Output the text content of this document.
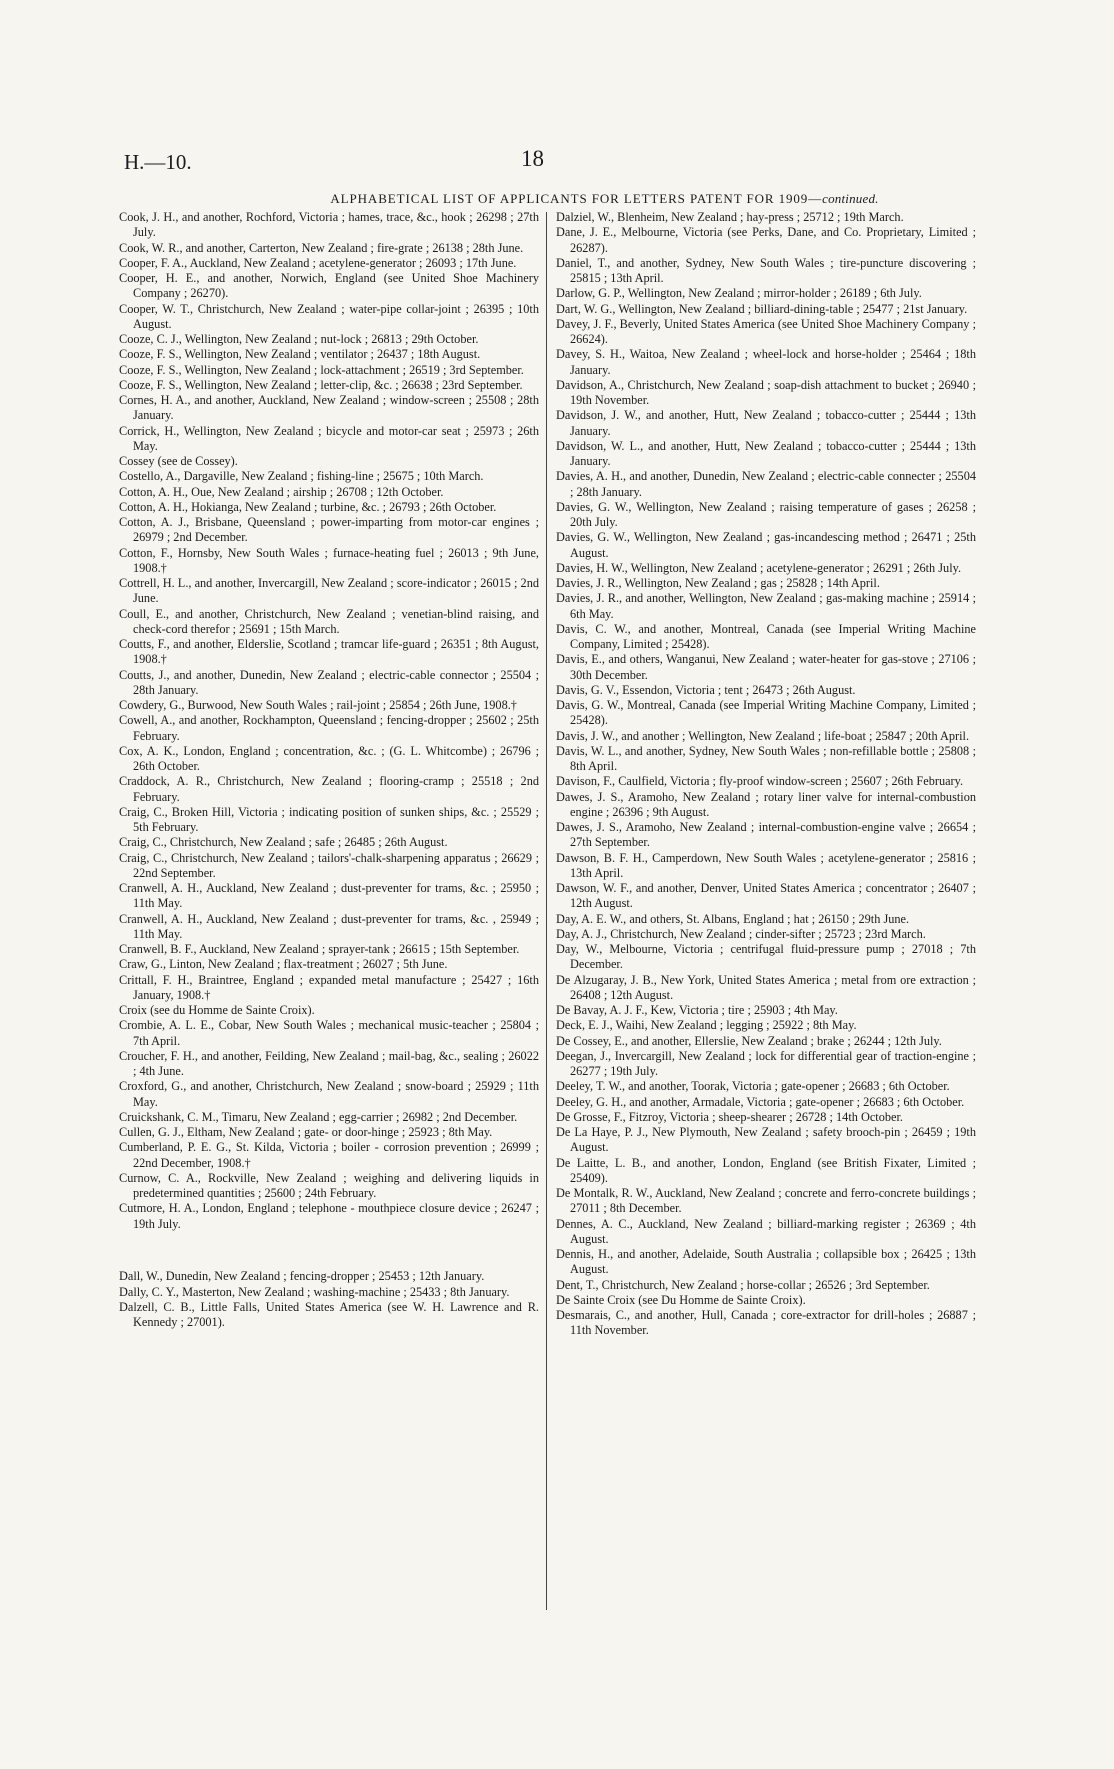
H.—10.	18
ALPHABETICAL LIST OF APPLICANTS FOR LETTERS PATENT FOR 1909—continued.

Cook, J. H., and another, Rochford, Victoria ; hames, trace, &c., hook ; 26298 ; 27th July.

Cook, W. R., and another, Carterton, New Zealand ; fire-grate ; 26138 ; 28th June.

Cooper, F. A., Auckland, New Zealand ; acetylene-generator ; 26093 ; 17th June.

Cooper, H. E., and another, Norwich, England (see United Shoe Machinery Company ; 26270).

Cooper, W. T., Christchurch, New Zealand ; water-pipe collar-joint ; 26395 ; 10th August.

Cooze, C. J., Wellington, New Zealand ; nut-lock ; 26813 ; 29th October.

Cooze, F. S., Wellington, New Zealand ; ventilator ; 26437 ; 18th August.

Cooze, F. S., Wellington, New Zealand ; lock-attachment ; 26519 ; 3rd September.

Cooze, F. S., Wellington, New Zealand ; letter-clip, &c. ; 26638 ; 23rd September.

Cornes, H. A., and another, Auckland, New Zealand ; window-screen ; 25508 ; 28th January.

Corrick, H., Wellington, New Zealand ; bicycle and motor-car seat ; 25973 ; 26th May.

Cossey (see de Cossey).

Costello, A., Dargaville, New Zealand ; fishing-line ; 25675 ; 10th March.

Cotton, A. H., Oue, New Zealand ; airship ; 26708 ; 12th October.

Cotton, A. H., Hokianga, New Zealand ; turbine, &c. ; 26793 ; 26th October.

Cotton, A. J., Brisbane, Queensland ; power-imparting from motor-car engines ; 26979 ; 2nd December.

Cotton, F., Hornsby, New South Wales ; furnace-heating fuel ; 26013 ; 9th June, 1908.†

Cottrell, H. L., and another, Invercargill, New Zealand ; score-indicator ; 26015 ; 2nd June.

Coull, E., and another, Christchurch, New Zealand ; venetian-blind raising, and check-cord therefor ; 25691 ; 15th March.

Coutts, F., and another, Elderslie, Scotland ; tramcar life-guard ; 26351 ; 8th August, 1908.†

Coutts, J., and another, Dunedin, New Zealand ; electric-cable connector ; 25504 ; 28th January.

Cowdery, G., Burwood, New South Wales ; rail-joint ; 25854 ; 26th June, 1908.†

Cowell, A., and another, Rockhampton, Queensland ; fencing-dropper ; 25602 ; 25th February.

Cox, A. K., London, England ; concentration, &c. ; (G. L. Whitcombe) ; 26796 ; 26th October.

Craddock, A. R., Christchurch, New Zealand ; flooring-cramp ; 25518 ; 2nd February.

Craig, C., Broken Hill, Victoria ; indicating position of sunken ships, &c. ; 25529 ; 5th February.

Craig, C., Christchurch, New Zealand ; safe ; 26485 ; 26th August.

Craig, C., Christchurch, New Zealand ; tailors'-chalk-sharpening apparatus ; 26629 ; 22nd September.

Cranwell, A. H., Auckland, New Zealand ; dust-preventer for trams, &c. ; 25950 ; 11th May.

Cranwell, A. H., Auckland, New Zealand ; dust-preventer for trams, &c. , 25949 ; 11th May.

Cranwell, B. F., Auckland, New Zealand ; sprayer-tank ; 26615 ; 15th September.

Craw, G., Linton, New Zealand ; flax-treatment ; 26027 ; 5th June.

Crittall, F. H., Braintree, England ; expanded metal manufacture ; 25427 ; 16th January, 1908.†

Croix (see du Homme de Sainte Croix).

Crombie, A. L. E., Cobar, New South Wales ; mechanical music-teacher ; 25804 ; 7th April.

Croucher, F. H., and another, Feilding, New Zealand ; mail-bag, &c., sealing ; 26022 ; 4th June.

Croxford, G., and another, Christchurch, New Zealand ; snow-board ; 25929 ; 11th May.

Cruickshank, C. M., Timaru, New Zealand ; egg-carrier ; 26982 ; 2nd December.

Cullen, G. J., Eltham, New Zealand ; gate- or door-hinge ; 25923 ; 8th May.

Cumberland, P. E. G., St. Kilda, Victoria ; boiler - corrosion prevention ; 26999 ; 22nd December, 1908.†

Curnow, C. A., Rockville, New Zealand ; weighing and delivering liquids in predetermined quantities ; 25600 ; 24th February.

Cutmore, H. A., London, England ; telephone - mouthpiece closure device ; 26247 ; 19th July.

Dall, W., Dunedin, New Zealand ; fencing-dropper ; 25453 ; 12th January.

Dally, C. Y., Masterton, New Zealand ; washing-machine ; 25433 ; 8th January.

Dalzell, C. B., Little Falls, United States America (see W. H. Lawrence and R. Kennedy ; 27001).

Dalziel, W., Blenheim, New Zealand ; hay-press ; 25712 ; 19th March.

Dane, J. E., Melbourne, Victoria (see Perks, Dane, and Co. Proprietary, Limited ; 26287).

Daniel, T., and another, Sydney, New South Wales ; tire-puncture discovering ; 25815 ; 13th April.

Darlow, G. P., Wellington, New Zealand ; mirror-holder ; 26189 ; 6th July.

Dart, W. G., Wellington, New Zealand ; billiard-dining-table ; 25477 ; 21st January.

Davey, J. F., Beverly, United States America (see United Shoe Machinery Company ; 26624).

Davey, S. H., Waitoa, New Zealand ; wheel-lock and horse-holder ; 25464 ; 18th January.

Davidson, A., Christchurch, New Zealand ; soap-dish attachment to bucket ; 26940 ; 19th November.

Davidson, J. W., and another, Hutt, New Zealand ; tobacco-cutter ; 25444 ; 13th January.

Davidson, W. L., and another, Hutt, New Zealand ; tobacco-cutter ; 25444 ; 13th January.

Davies, A. H., and another, Dunedin, New Zealand ; electric-cable connecter ; 25504 ; 28th January.

Davies, G. W., Wellington, New Zealand ; raising temperature of gases ; 26258 ; 20th July.

Davies, G. W., Wellington, New Zealand ; gas-incandescing method ; 26471 ; 25th August.

Davies, H. W., Wellington, New Zealand ; acetylene-generator ; 26291 ; 26th July.

Davies, J. R., Wellington, New Zealand ; gas ; 25828 ; 14th April.

Davies, J. R., and another, Wellington, New Zealand ; gas-making machine ; 25914 ; 6th May.

Davis, C. W., and another, Montreal, Canada (see Imperial Writing Machine Company, Limited ; 25428).

Davis, E., and others, Wanganui, New Zealand ; water-heater for gas-stove ; 27106 ; 30th December.

Davis, G. V., Essendon, Victoria ; tent ; 26473 ; 26th August.

Davis, G. W., Montreal, Canada (see Imperial Writing Machine Company, Limited ; 25428).

Davis, J. W., and another ; Wellington, New Zealand ; life-boat ; 25847 ; 20th April.

Davis, W. L., and another, Sydney, New South Wales ; non-refillable bottle ; 25808 ; 8th April.

Davison, F., Caulfield, Victoria ; fly-proof window-screen ; 25607 ; 26th February.

Dawes, J. S., Aramoho, New Zealand ; rotary liner valve for internal-combustion engine ; 26396 ; 9th August.

Dawes, J. S., Aramoho, New Zealand ; internal-combustion-engine valve ; 26654 ; 27th September.

Dawson, B. F. H., Camperdown, New South Wales ; acetylene-generator ; 25816 ; 13th April.

Dawson, W. F., and another, Denver, United States America ; concentrator ; 26407 ; 12th August.

Day, A. E. W., and others, St. Albans, England ; hat ; 26150 ; 29th June.

Day, A. J., Christchurch, New Zealand ; cinder-sifter ; 25723 ; 23rd March.

Day, W., Melbourne, Victoria ; centrifugal fluid-pressure pump ; 27018 ; 7th December.

De Alzugaray, J. B., New York, United States America ; metal from ore extraction ; 26408 ; 12th August.

De Bavay, A. J. F., Kew, Victoria ; tire ; 25903 ; 4th May.

Deck, E. J., Waihi, New Zealand ; legging ; 25922 ; 8th May.

De Cossey, E., and another, Ellerslie, New Zealand ; brake ; 26244 ; 12th July.

Deegan, J., Invercargill, New Zealand ; lock for differential gear of traction-engine ; 26277 ; 19th July.

Deeley, T. W., and another, Toorak, Victoria ; gate-opener ; 26683 ; 6th October.

Deeley, G. H., and another, Armadale, Victoria ; gate-opener ; 26683 ; 6th October.

De Grosse, F., Fitzroy, Victoria ; sheep-shearer ; 26728 ; 14th October.

De La Haye, P. J., New Plymouth, New Zealand ; safety brooch-pin ; 26459 ; 19th August.

De Laitte, L. B., and another, London, England (see British Fixater, Limited ; 25409).

De Montalk, R. W., Auckland, New Zealand ; concrete and ferro-concrete buildings ; 27011 ; 8th December.

Dennes, A. C., Auckland, New Zealand ; billiard-marking register ; 26369 ; 4th August.

Dennis, H., and another, Adelaide, South Australia ; collapsible box ; 26425 ; 13th August.

Dent, T., Christchurch, New Zealand ; horse-collar ; 26526 ; 3rd September.

De Sainte Croix (see Du Homme de Sainte Croix).

Desmarais, C., and another, Hull, Canada ; core-extractor for drill-holes ; 26887 ; 11th November.
